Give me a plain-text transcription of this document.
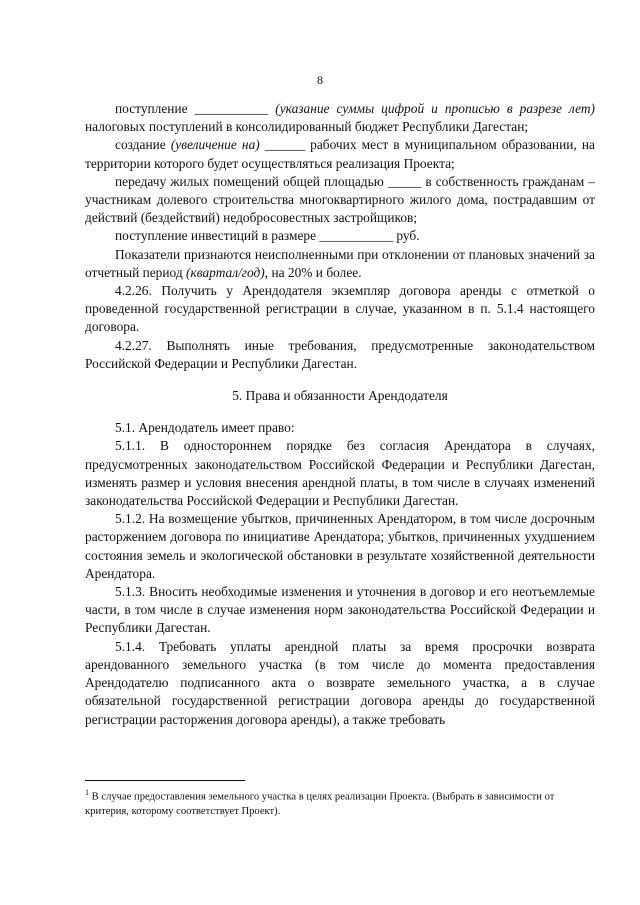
8

поступление ___________ (указание суммы цифрой и прописью в разрезе лет) налоговых поступлений в консолидированный бюджет Республики Дагестан;

создание (увеличение на) ______ рабочих мест в муниципальном образовании, на территории которого будет осуществляться реализация Проекта;

передачу жилых помещений общей площадью _____ в собственность гражданам – участникам долевого строительства многоквартирного жилого дома, пострадавшим от действий (бездействий) недобросовестных застройщиков;

поступление инвестиций в размере ___________ руб.

Показатели признаются неисполненными при отклонении от плановых значений за отчетный период (квартал/год), на 20% и более.

4.2.26. Получить у Арендодателя экземпляр договора аренды с отметкой о проведенной государственной регистрации в случае, указанном в п. 5.1.4 настоящего договора.

4.2.27. Выполнять иные требования, предусмотренные законодательством Российской Федерации и Республики Дагестан.

5. Права и обязанности Арендодателя

5.1. Арендодатель имеет право:

5.1.1. В одностороннем порядке без согласия Арендатора в случаях, предусмотренных законодательством Российской Федерации и Республики Дагестан, изменять размер и условия внесения арендной платы, в том числе в случаях изменений законодательства Российской Федерации и Республики Дагестан.

5.1.2. На возмещение убытков, причиненных Арендатором, в том числе досрочным расторжением договора по инициативе Арендатора; убытков, причиненных ухудшением состояния земель и экологической обстановки в результате хозяйственной деятельности Арендатора.

5.1.3. Вносить необходимые изменения и уточнения в договор и его неотъемлемые части, в том числе в случае изменения норм законодательства Российской Федерации и Республики Дагестан.

5.1.4. Требовать уплаты арендной платы за время просрочки возврата арендованного земельного участка (в том числе до момента предоставления Арендодателю подписанного акта о возврате земельного участка, а в случае обязательной государственной регистрации договора аренды до государственной регистрации расторжения договора аренды), а также требовать

$^1$ В случае предоставления земельного участка в целях реализации Проекта. (Выбрать в зависимости от критерия, которому соответствует Проект).
